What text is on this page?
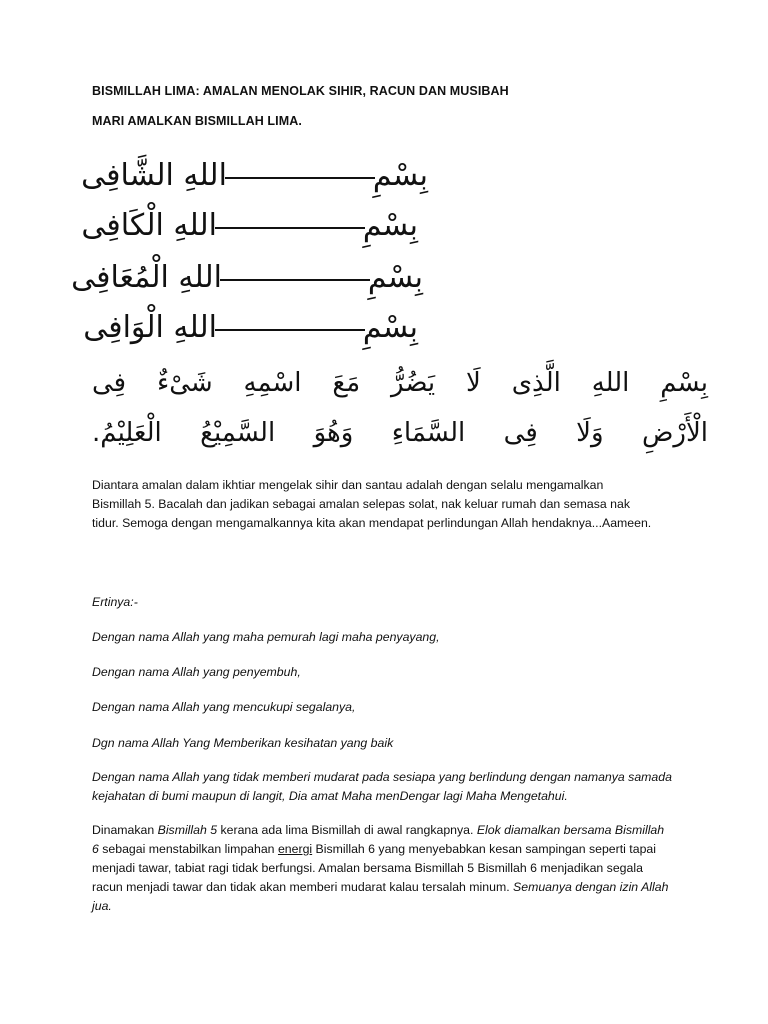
BISMILLAH LIMA: AMALAN MENOLAK SIHIR, RACUN DAN MUSIBAH
MARI AMALKAN BISMILLAH LIMA.
بِسْمِاللهِ الشَّافِى
بِسْمِاللهِ الْكَافِى
بِسْمِاللهِ الْمُعَافِى
بِسْمِاللهِ الْوَافِى
بِسْمِ اللهِ الَّذِى لَا يَضُرُّ مَعَ اسْمِهِ شَىْءٌ فِى
الْأَرْضِ وَلَا فِى السَّمَاءِ وَهُوَ السَّمِيْعُ الْعَلِيْمُ.
Diantara amalan dalam ikhtiar mengelak sihir dan santau adalah dengan selalu mengamalkan Bismillah 5. Bacalah dan jadikan sebagai amalan selepas solat, nak keluar rumah dan semasa nak tidur. Semoga dengan mengamalkannya kita akan mendapat perlindungan Allah hendaknya...Aameen.
Ertinya:-
Dengan nama Allah yang maha pemurah lagi maha penyayang,
Dengan nama Allah yang penyembuh,
Dengan nama Allah yang mencukupi segalanya,
Dgn nama Allah Yang Memberikan kesihatan yang baik
Dengan nama Allah yang tidak memberi mudarat pada sesiapa yang berlindung dengan namanya samada kejahatan di bumi maupun di langit, Dia amat Maha menDengar lagi Maha Mengetahui.
Dinamakan Bismillah 5 kerana ada lima Bismillah di awal rangkapnya. Elok diamalkan bersama Bismillah 6 sebagai menstabilkan limpahan energi Bismillah 6 yang menyebabkan kesan sampingan seperti tapai menjadi tawar, tabiat ragi tidak berfungsi. Amalan bersama Bismillah 5 Bismillah 6 menjadikan segala racun menjadi tawar dan tidak akan memberi mudarat kalau tersalah minum. Semuanya dengan izin Allah jua.
